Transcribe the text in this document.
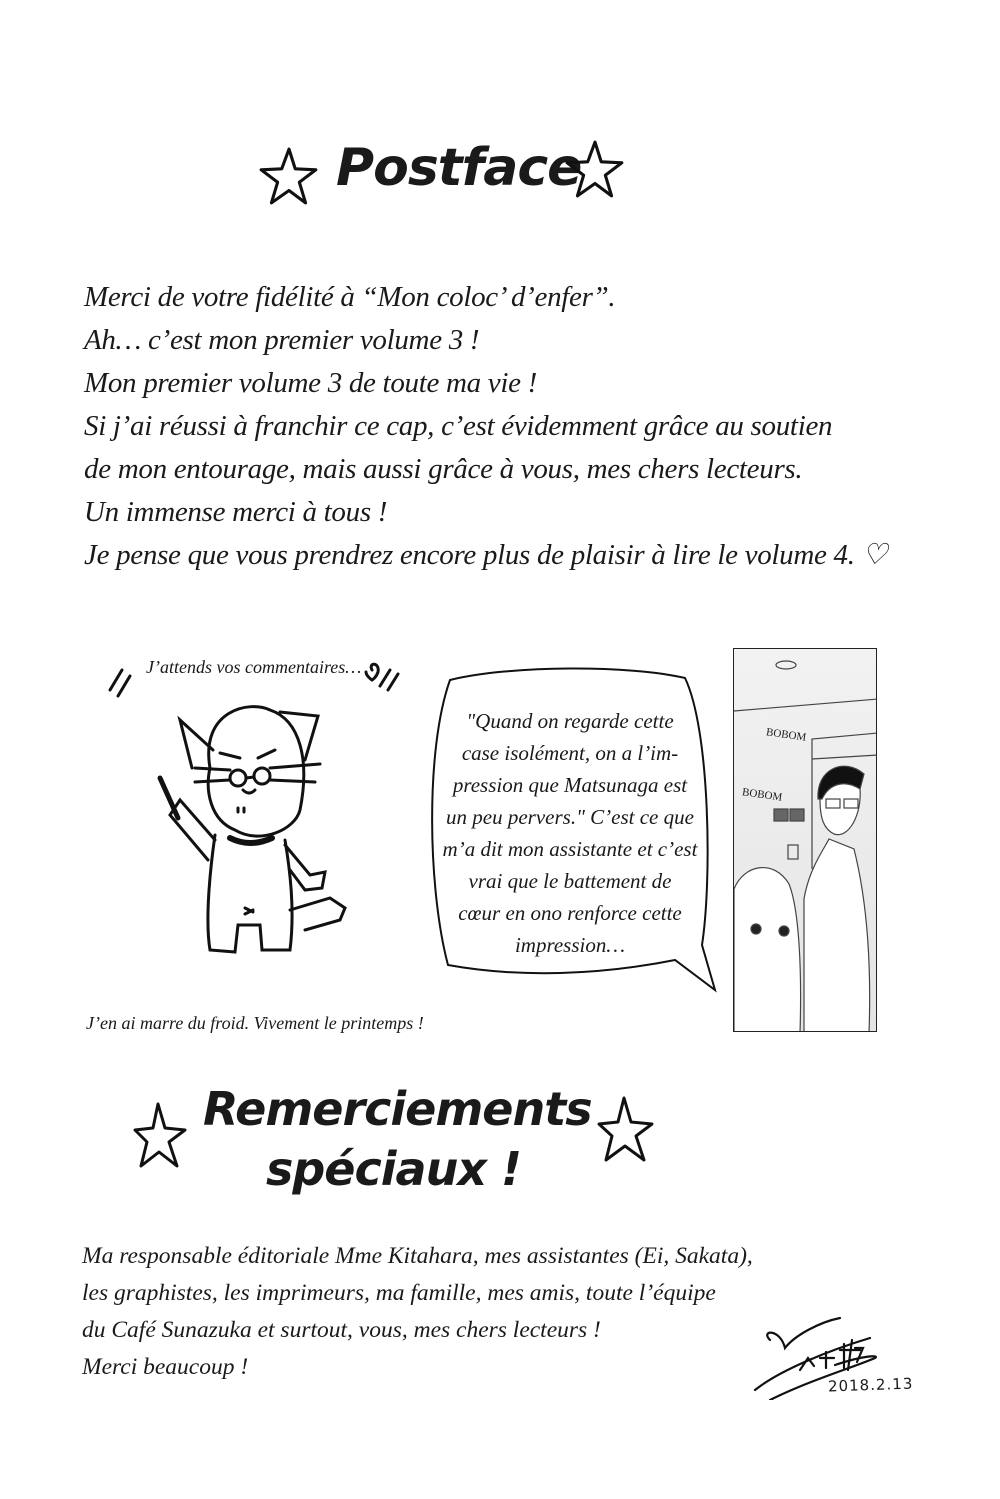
Postface
Merci de votre fidélité à “Mon coloc’ d’enfer”.
Ah… c’est mon premier volume 3 !
Mon premier volume 3 de toute ma vie !
Si j’ai réussi à franchir ce cap, c’est évidemment grâce au soutien
de mon entourage, mais aussi grâce à vous, mes chers lecteurs.
Un immense merci à tous !
Je pense que vous prendrez encore plus de plaisir à lire le volume 4. ♡
J’attends vos commentaires…
J’en ai marre du froid. Vivement le printemps !
"Quand on regarde cette
case isolément, on a l’im-
pression que Matsunaga est
un peu pervers." C’est ce que
m’a dit mon assistante et c’est
vrai que le battement de
cœur en ono renforce cette
impression…
BOBOM
BOBOM
Remerciements
spéciaux !
Ma responsable éditoriale Mme Kitahara, mes assistantes (Ei, Sakata),
les graphistes, les imprimeurs, ma famille, mes amis, toute l’équipe
du Café Sunazuka et surtout, vous, mes chers lecteurs !
Merci beaucoup !
2018.2.13
